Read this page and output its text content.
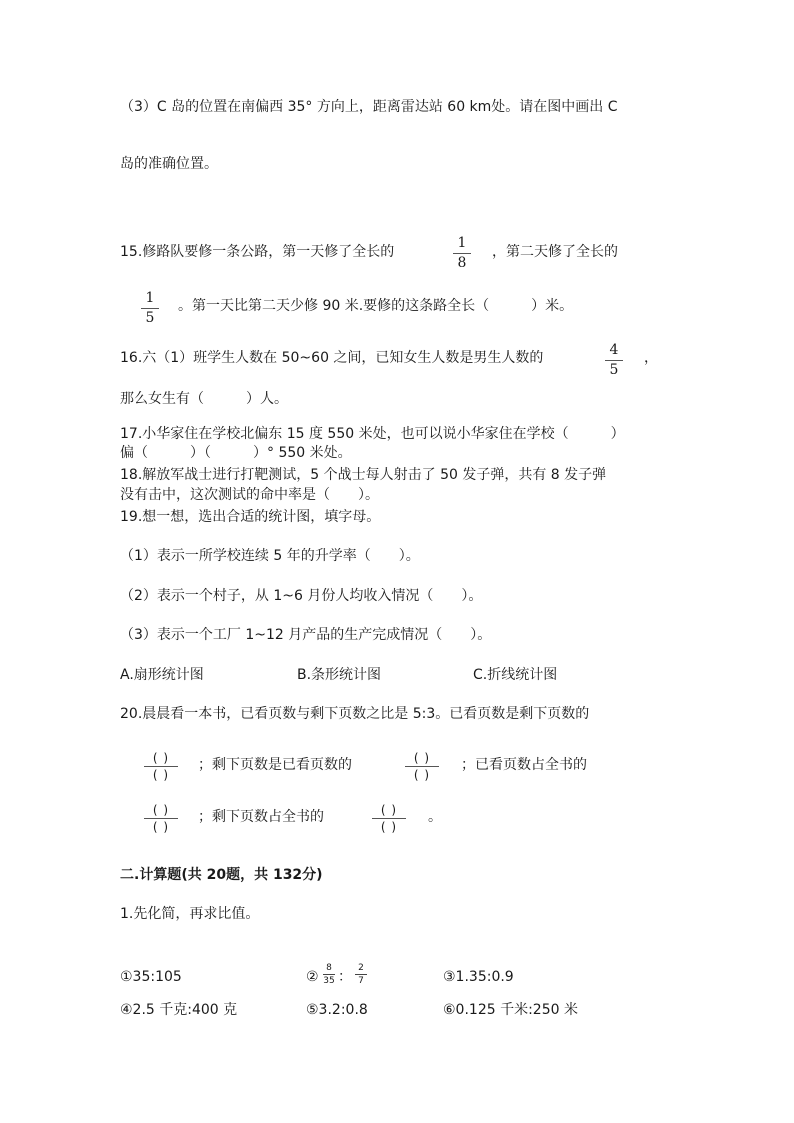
（3）C 岛的位置在南偏西 35° 方向上，距离雷达站 60 km处。请在图中画出 C
岛的准确位置。
15.修路队要修一条公路，第一天修了全长的
1
8
，第二天修了全长的
1
5
。第一天比第二天少修 90 米.要修的这条路全长（　　　）米。
16.六（1）班学生人数在 50~60 之间，已知女生人数是男生人数的	4
5
，
那么女生有（　　　）人。
17.小华家住在学校北偏东 15 度 550 米处，也可以说小华家住在学校（　　　）
偏（　　　）（　　　）° 550 米处。
18.解放军战士进行打靶测试，5 个战士每人射击了 50 发子弹，共有 8 发子弹
没有击中，这次测试的命中率是（　　）。
19.想一想，选出合适的统计图，填字母。
（1）表示一所学校连续 5 年的升学率（　　）。
（2）表示一个村子，从 1~6 月份人均收入情况（　　）。
（3）表示一个工厂 1~12 月产品的生产完成情况（　　）。
A.扇形统计图	B.条形统计图	C.折线统计图
20.晨晨看一本书，已看页数与剩下页数之比是 5:3。已看页数是剩下页数的
( )
( )
；剩下页数是已看页数的	( )
( )
；已看页数占全书的
( )
( )
；剩下页数占全书的	( )
( )
。
二.计算题(共 20题，共 132分)
1.先化简，再求比值。
①35:105	②
8
35 ：
2
7	③1.35:0.9
④2.5 千克:400 克	⑤3.2:0.8	⑥0.125 千米:250 米
